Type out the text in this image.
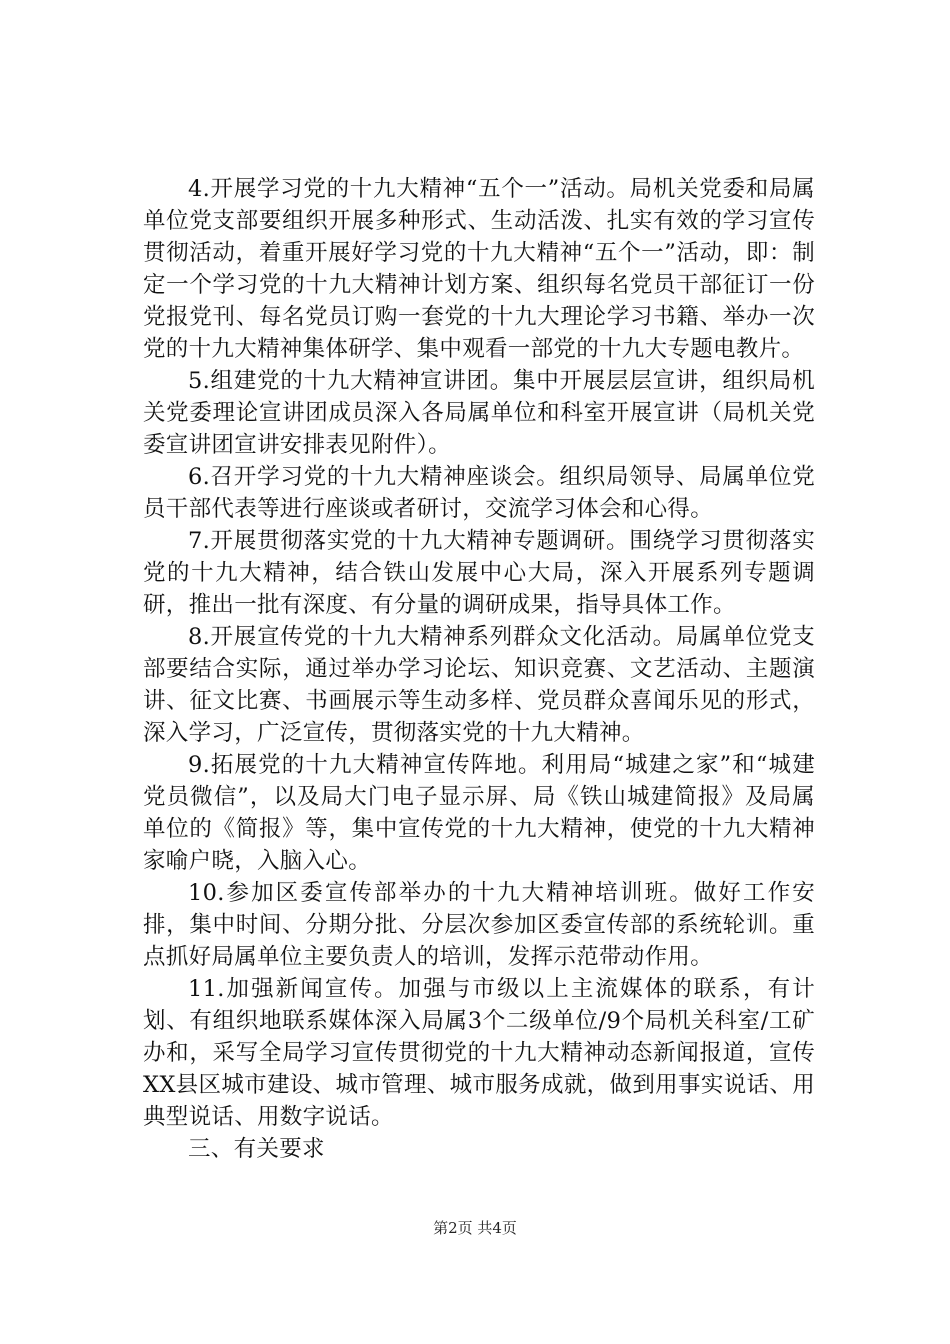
4.开展学习党的十九大精神“五个一”活动。局机关党委和局属单位党支部要组织开展多种形式、生动活泼、扎实有效的学习宣传贯彻活动，着重开展好学习党的十九大精神“五个一”活动，即：制定一个学习党的十九大精神计划方案、组织每名党员干部征订一份党报党刊、每名党员订购一套党的十九大理论学习书籍、举办一次党的十九大精神集体研学、集中观看一部党的十九大专题电教片。

5.组建党的十九大精神宣讲团。集中开展层层宣讲，组织局机关党委理论宣讲团成员深入各局属单位和科室开展宣讲（局机关党委宣讲团宣讲安排表见附件）。

6.召开学习党的十九大精神座谈会。组织局领导、局属单位党员干部代表等进行座谈或者研讨，交流学习体会和心得。

7.开展贯彻落实党的十九大精神专题调研。围绕学习贯彻落实党的十九大精神，结合铁山发展中心大局，深入开展系列专题调研，推出一批有深度、有分量的调研成果，指导具体工作。

8.开展宣传党的十九大精神系列群众文化活动。局属单位党支部要结合实际，通过举办学习论坛、知识竞赛、文艺活动、主题演讲、征文比赛、书画展示等生动多样、党员群众喜闻乐见的形式，深入学习，广泛宣传，贯彻落实党的十九大精神。

9.拓展党的十九大精神宣传阵地。利用局“城建之家”和“城建党员微信”，以及局大门电子显示屏、局《铁山城建简报》及局属单位的《简报》等，集中宣传党的十九大精神，使党的十九大精神家喻户晓，入脑入心。

10.参加区委宣传部举办的十九大精神培训班。做好工作安排，集中时间、分期分批、分层次参加区委宣传部的系统轮训。重点抓好局属单位主要负责人的培训，发挥示范带动作用。

11.加强新闻宣传。加强与市级以上主流媒体的联系，有计划、有组织地联系媒体深入局属3个二级单位/9个局机关科室/工矿办和，采写全局学习宣传贯彻党的十九大精神动态新闻报道，宣传XX县区城市建设、城市管理、城市服务成就，做到用事实说话、用典型说话、用数字说话。

三、有关要求

第2页 共4页
